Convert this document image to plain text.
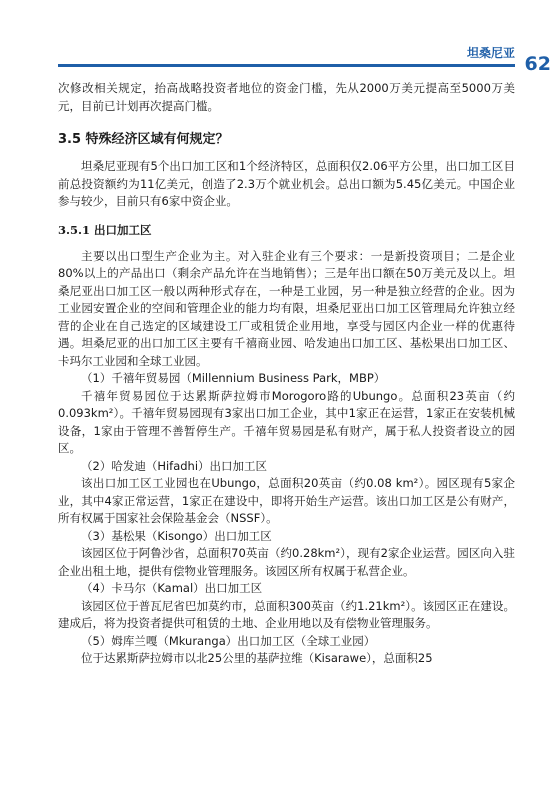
坦桑尼亚 62

次修改相关规定，抬高战略投资者地位的资金门槛，先从2000万美元提高至5000万美元，目前已计划再次提高门槛。

3.5 特殊经济区域有何规定？

坦桑尼亚现有5个出口加工区和1个经济特区，总面积仅2.06平方公里，出口加工区目前总投资额约为11亿美元，创造了2.3万个就业机会。总出口额为5.45亿美元。中国企业参与较少，目前只有6家中资企业。

3.5.1 出口加工区

主要以出口型生产企业为主。对入驻企业有三个要求：一是新投资项目；二是企业80%以上的产品出口（剩余产品允许在当地销售）；三是年出口额在50万美元及以上。坦桑尼亚出口加工区一般以两种形式存在，一种是工业园，另一种是独立经营的企业。因为工业园安置企业的空间和管理企业的能力均有限，坦桑尼亚出口加工区管理局允许独立经营的企业在自己选定的区域建设工厂或租赁企业用地，享受与园区内企业一样的优惠待遇。坦桑尼亚的出口加工区主要有千禧商业园、哈发迪出口加工区、基松果出口加工区、卡玛尔工业园和全球工业园。

（1）千禧年贸易园（Millennium Business Park，MBP）

千禧年贸易园位于达累斯萨拉姆市Morogoro路的Ubungo。总面积23英亩（约0.093km²）。千禧年贸易园现有3家出口加工企业，其中1家正在运营，1家正在安装机械设备，1家由于管理不善暂停生产。千禧年贸易园是私有财产，属于私人投资者设立的园区。

（2）哈发迪（Hifadhi）出口加工区

该出口加工区工业园也在Ubungo，总面积20英亩（约0.08 km²）。园区现有5家企业，其中4家正常运营，1家正在建设中，即将开始生产运营。该出口加工区是公有财产，所有权属于国家社会保险基金会（NSSF）。

（3）基松果（Kisongo）出口加工区

该园区位于阿鲁沙省，总面积70英亩（约0.28km²），现有2家企业运营。园区向入驻企业出租土地，提供有偿物业管理服务。该园区所有权属于私营企业。

（4）卡马尔（Kamal）出口加工区

该园区位于普瓦尼省巴加莫约市，总面积300英亩（约1.21km²）。该园区正在建设。建成后，将为投资者提供可租赁的土地、企业用地以及有偿物业管理服务。

（5）姆库兰嘎（Mkuranga）出口加工区（全球工业园）

位于达累斯萨拉姆市以北25公里的基萨拉维（Kisarawe），总面积25
